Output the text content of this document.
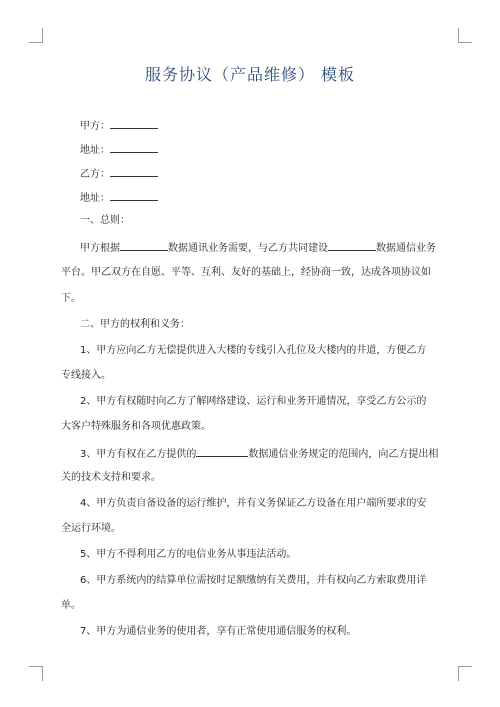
服务协议（产品维修） 模板
甲方：
地址：
乙方：
地址：
一、总则：
甲方根据	数据通讯业务需要，与乙方共同建设	数据通信业务
平台。甲乙双方在自愿、平等、互利、友好的基础上，经协商一致，达成各项协议如
下。
二、甲方的权利和义务：
1、甲方应向乙方无偿提供进入大楼的专线引入孔位及大楼内的井道，方便乙方
专线接入。
2、甲方有权随时向乙方了解网络建设、运行和业务开通情况，享受乙方公示的
大客户特殊服务和各项优惠政策。
3、甲方有权在乙方提供的	数据通信业务规定的范围内，向乙方提出相
关的技术支持和要求。
4、甲方负责自备设备的运行维护，并有义务保证乙方设备在用户端所要求的安
全运行环境。
5、甲方不得利用乙方的电信业务从事违法活动。
6、甲方系统内的结算单位需按时足额缴纳有关费用，并有权向乙方索取费用详
单。
7、甲方为通信业务的使用者，享有正常使用通信服务的权利。
